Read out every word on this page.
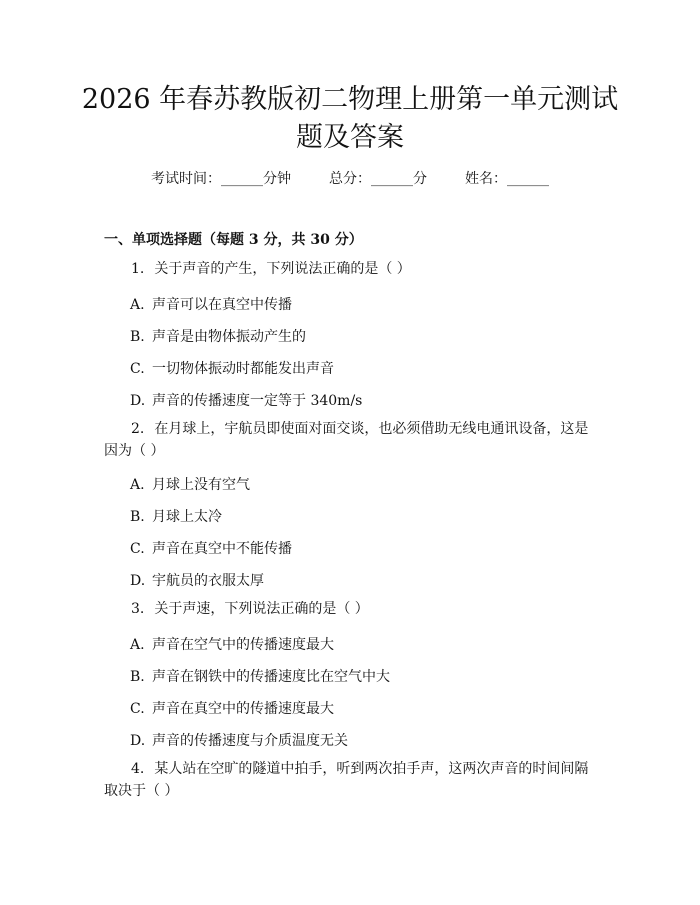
2026 年春苏教版初二物理上册第一单元测试
题及答案
考试时间：______分钟	总分：______分	姓名：______
一、单项选择题（每题 3 分，共 30 分）
1. 关于声音的产生，下列说法正确的是（ ）
A. 声音可以在真空中传播
B. 声音是由物体振动产生的
C. 一切物体振动时都能发出声音
D. 声音的传播速度一定等于 340m/s
2. 在月球上，宇航员即使面对面交谈，也必须借助无线电通讯设备，这是因为（ ）
A. 月球上没有空气
B. 月球上太冷
C. 声音在真空中不能传播
D. 宇航员的衣服太厚
3. 关于声速，下列说法正确的是（ ）
A. 声音在空气中的传播速度最大
B. 声音在钢铁中的传播速度比在空气中大
C. 声音在真空中的传播速度最大
D. 声音的传播速度与介质温度无关
4. 某人站在空旷的隧道中拍手，听到两次拍手声，这两次声音的时间间隔取决于（ ）
